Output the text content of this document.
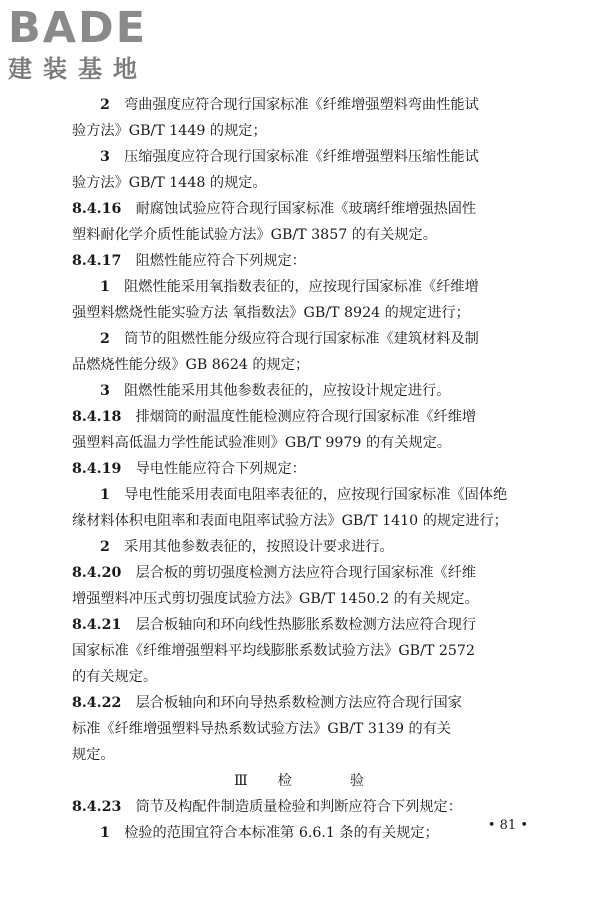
BADE
建装基地
2  弯曲强度应符合现行国家标准《纤维增强塑料弯曲性能试
验方法》GB/T 1449 的规定；
3  压缩强度应符合现行国家标准《纤维增强塑料压缩性能试
验方法》GB/T 1448 的规定。
8.4.16  耐腐蚀试验应符合现行国家标准《玻璃纤维增强热固性
塑料耐化学介质性能试验方法》GB/T 3857 的有关规定。
8.4.17  阻燃性能应符合下列规定：
1  阻燃性能采用氧指数表征的，应按现行国家标准《纤维增
强塑料燃烧性能实验方法 氧指数法》GB/T 8924 的规定进行；
2  筒节的阻燃性能分级应符合现行国家标准《建筑材料及制
品燃烧性能分级》GB 8624 的规定；
3  阻燃性能采用其他参数表征的，应按设计规定进行。
8.4.18  排烟筒的耐温度性能检测应符合现行国家标准《纤维增
强塑料高低温力学性能试验准则》GB/T 9979 的有关规定。
8.4.19  导电性能应符合下列规定：
1  导电性能采用表面电阻率表征的，应按现行国家标准《固体绝
缘材料体积电阻率和表面电阻率试验方法》GB/T 1410 的规定进行；
2  采用其他参数表征的，按照设计要求进行。
8.4.20  层合板的剪切强度检测方法应符合现行国家标准《纤维
增强塑料冲压式剪切强度试验方法》GB/T 1450.2 的有关规定。
8.4.21  层合板轴向和环向线性热膨胀系数检测方法应符合现行
国家标准《纤维增强塑料平均线膨胀系数试验方法》GB/T 2572
的有关规定。
8.4.22  层合板轴向和环向导热系数检测方法应符合现行国家
标准《纤维增强塑料导热系数试验方法》GB/T 3139 的有关
规定。
Ⅲ 检	验
8.4.23  筒节及构配件制造质量检验和判断应符合下列规定：
1  检验的范围宜符合本标准第 6.6.1 条的有关规定；	• 81 •
